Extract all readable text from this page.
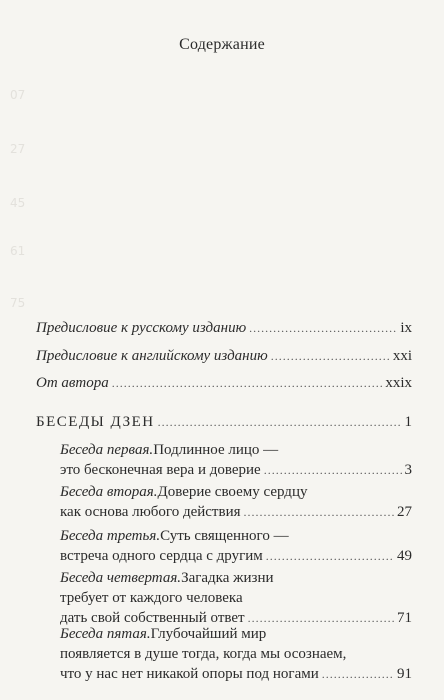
07
27
45
61
75
Содержание
Предисловие к русскому изданию .....	ix
Предисловие к английскому изданию .....	xxi
От автора .....	xxix
БЕСЕДЫ ДЗЕН .....	1
Беседа первая. Подлинное лицо —
это бесконечная вера и доверие .....	3
Беседа вторая. Доверие своему сердцу
как основа любого действия .....	27
Беседа третья. Суть священного —
встреча одного сердца с другим .....	49
Беседа четвертая. Загадка жизни
требует от каждого человека
дать свой собственный ответ .....	71
Беседа пятая. Глубочайший мир
появляется в душе тогда, когда мы осознаем,
что у нас нет никакой опоры под ногами .....	91
